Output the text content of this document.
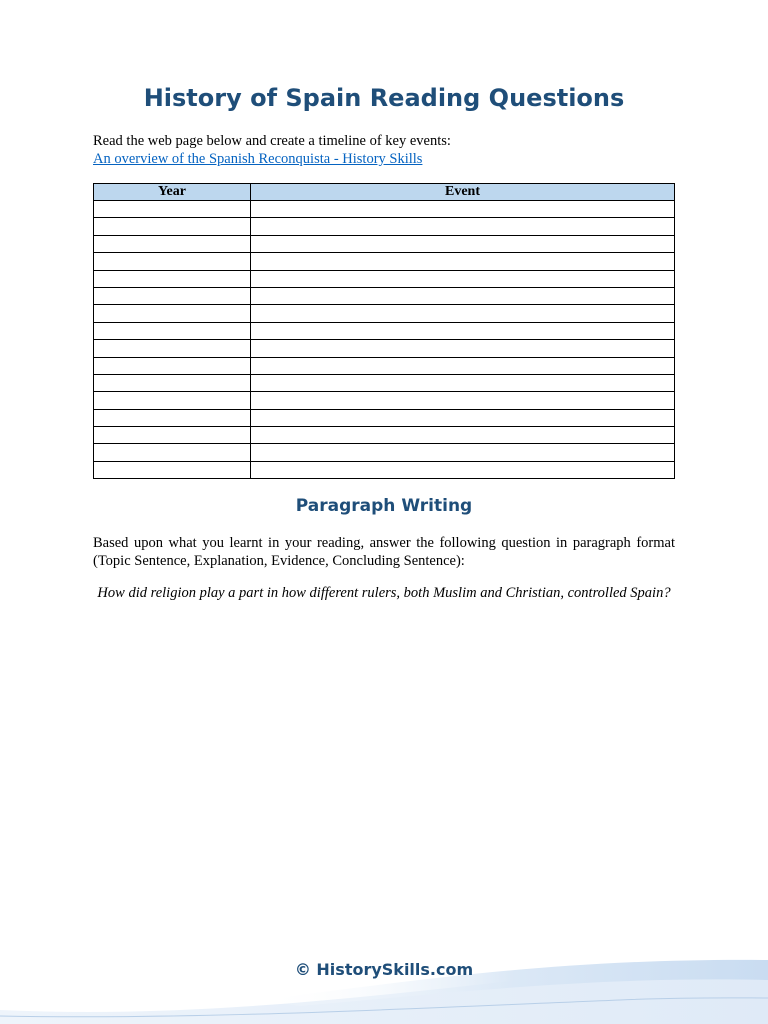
History of Spain Reading Questions
Read the web page below and create a timeline of key events:
An overview of the Spanish Reconquista - History Skills
Year	Event

Paragraph Writing

Based upon what you learnt in your reading, answer the following question in paragraph format (Topic Sentence, Explanation, Evidence, Concluding Sentence):

How did religion play a part in how different rulers, both Muslim and Christian, controlled Spain?

© HistorySkills.com
